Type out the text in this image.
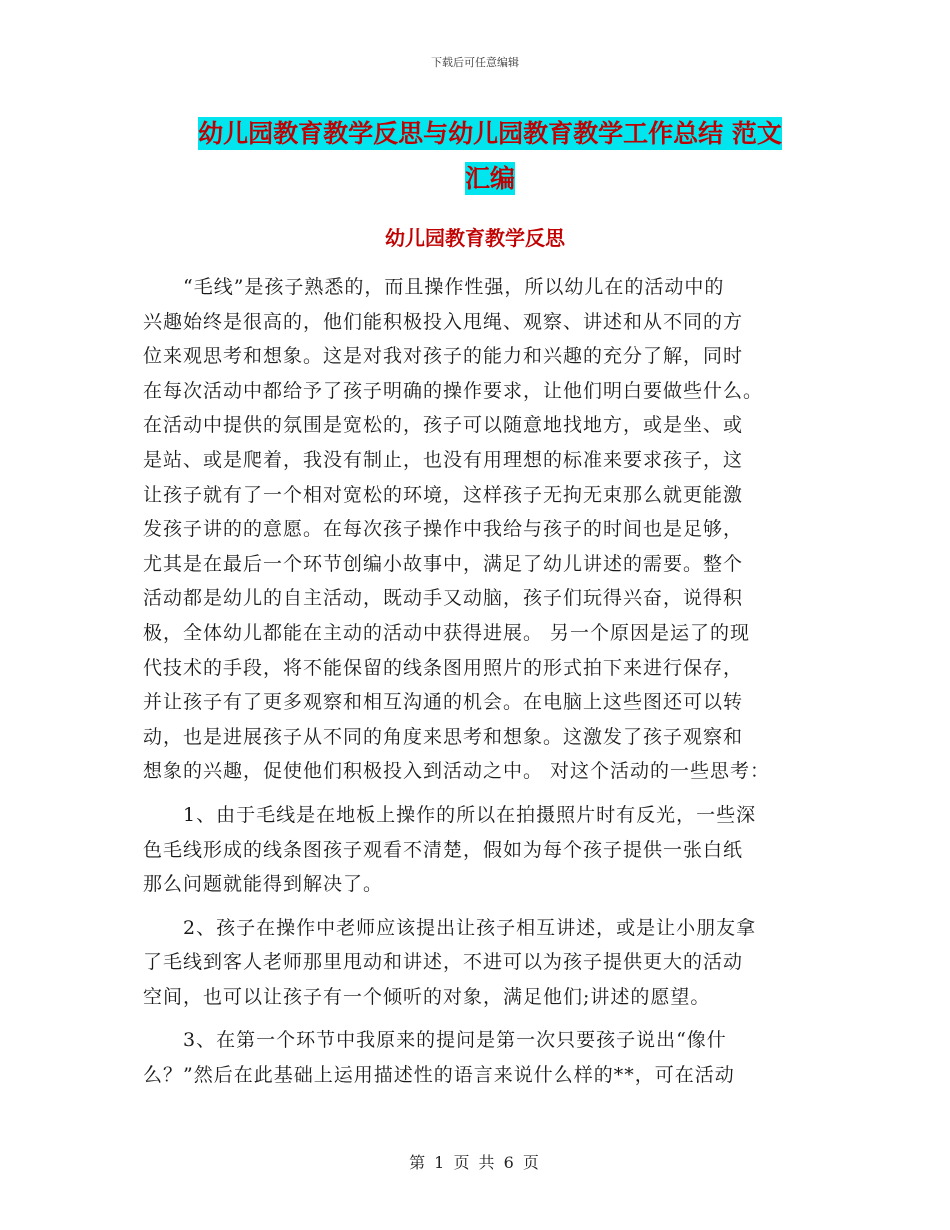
下载后可任意编辑
幼儿园教育教学反思与幼儿园教育教学工作总结 范文
汇编
幼儿园教育教学反思
　　“毛线”是孩子熟悉的，而且操作性强，所以幼儿在的活动中的
兴趣始终是很高的，他们能积极投入甩绳、观察、讲述和从不同的方
位来观思考和想象。这是对我对孩子的能力和兴趣的充分了解，同时
在每次活动中都给予了孩子明确的操作要求，让他们明白要做些什么。
在活动中提供的氛围是宽松的，孩子可以随意地找地方，或是坐、或
是站、或是爬着，我没有制止，也没有用理想的标准来要求孩子，这
让孩子就有了一个相对宽松的环境，这样孩子无拘无束那么就更能激
发孩子讲的的意愿。在每次孩子操作中我给与孩子的时间也是足够，
尤其是在最后一个环节创编小故事中，满足了幼儿讲述的需要。整个
活动都是幼儿的自主活动，既动手又动脑，孩子们玩得兴奋，说得积
极，全体幼儿都能在主动的活动中获得进展。 另一个原因是运了的现
代技术的手段，将不能保留的线条图用照片的形式拍下来进行保存，
并让孩子有了更多观察和相互沟通的机会。在电脑上这些图还可以转
动，也是进展孩子从不同的角度来思考和想象。这激发了孩子观察和
想象的兴趣，促使他们积极投入到活动之中。 对这个活动的一些思考：
　　1、由于毛线是在地板上操作的所以在拍摄照片时有反光，一些深
色毛线形成的线条图孩子观看不清楚，假如为每个孩子提供一张白纸
那么问题就能得到解决了。
　　2、孩子在操作中老师应该提出让孩子相互讲述，或是让小朋友拿
了毛线到客人老师那里甩动和讲述，不进可以为孩子提供更大的活动
空间，也可以让孩子有一个倾听的对象，满足他们;讲述的愿望。
　　3、在第一个环节中我原来的提问是第一次只要孩子说出“像什
么？”然后在此基础上运用描述性的语言来说什么样的**，可在活动
第 1 页 共 6 页
